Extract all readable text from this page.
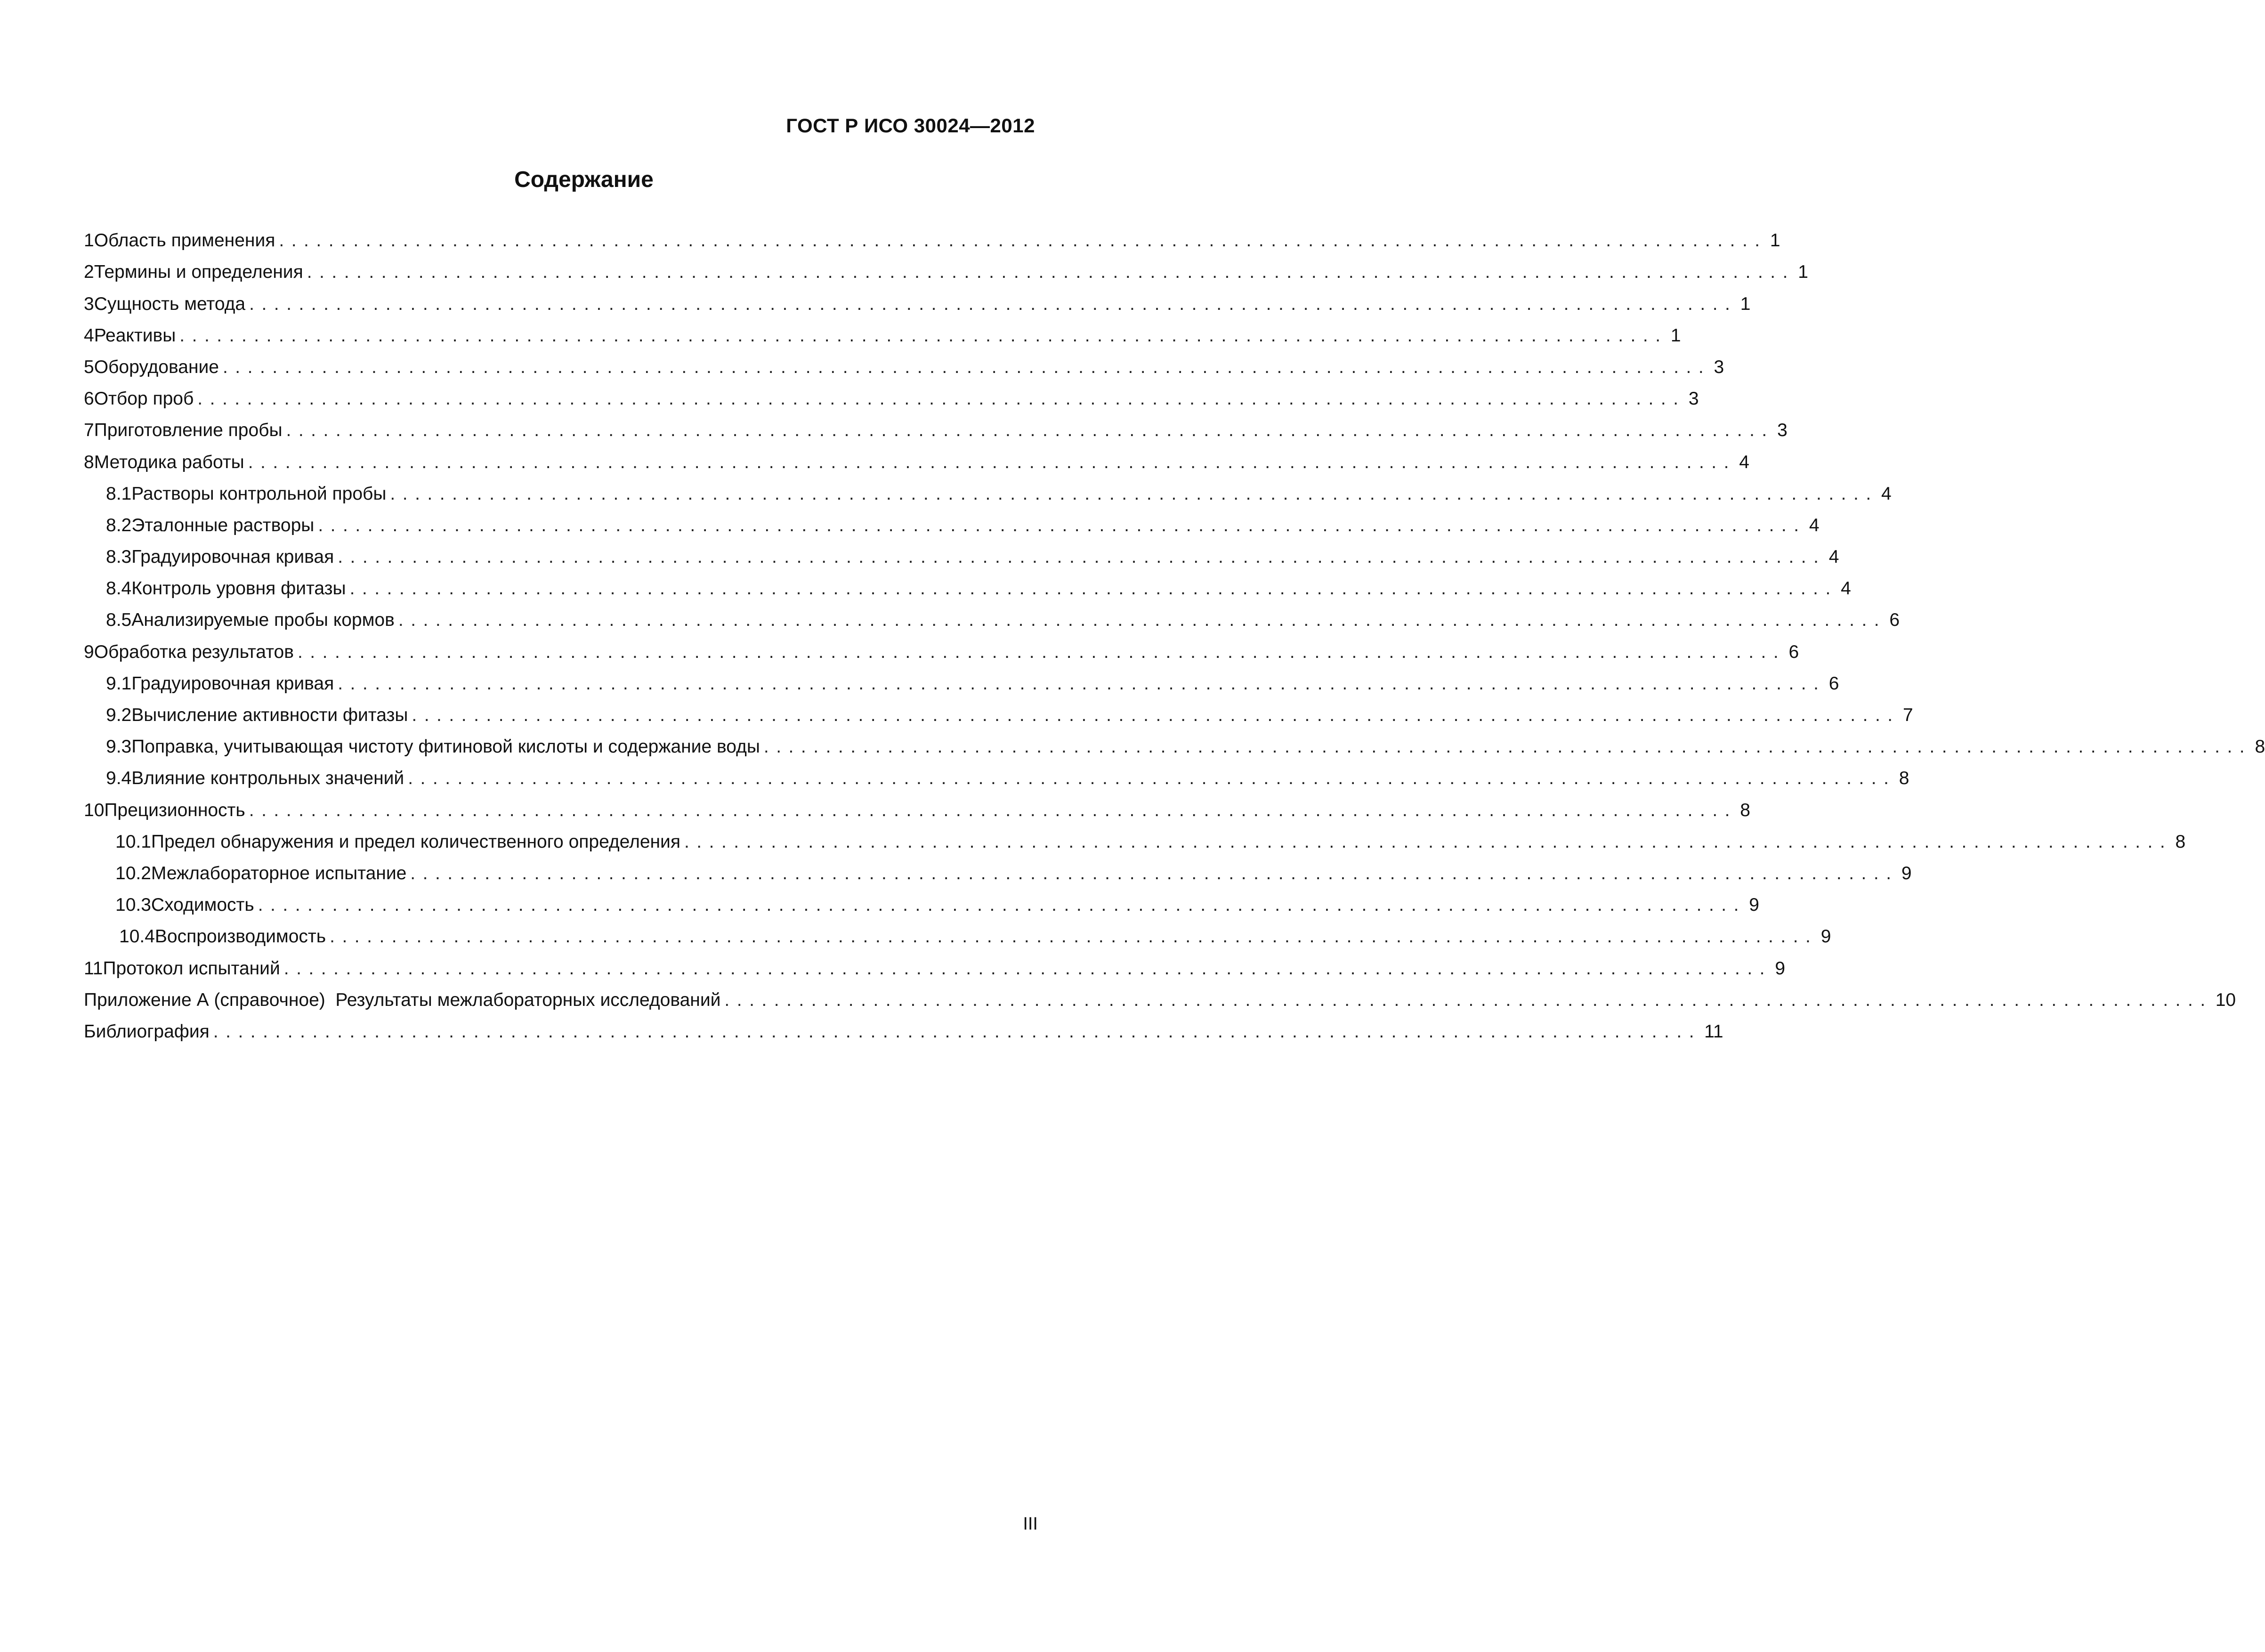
ГОСТ Р ИСО 30024—2012
Содержание
1 Область применения ........................................................................................................................ 1
2 Термины и определения ........................................................................................................................ 1
3 Сущность метода ........................................................................................................................ 1
4 Реактивы ........................................................................................................................ 1
5 Оборудование ........................................................................................................................ 3
6 Отбор проб ........................................................................................................................ 3
7 Приготовление пробы ........................................................................................................................ 3
8 Методика работы ........................................................................................................................ 4
8.1 Растворы контрольной пробы ........................................................................................................................ 4
8.2 Эталонные растворы ........................................................................................................................ 4
8.3 Градуировочная кривая ........................................................................................................................ 4
8.4 Контроль уровня фитазы ........................................................................................................................ 4
8.5 Анализируемые пробы кормов ........................................................................................................................ 6
9 Обработка результатов ........................................................................................................................ 6
9.1 Градуировочная кривая ........................................................................................................................ 6
9.2 Вычисление активности фитазы ........................................................................................................................ 7
9.3 Поправка, учитывающая чистоту фитиновой кислоты и содержание воды ........................................................................................................................ 8
9.4 Влияние контрольных значений ........................................................................................................................ 8
10 Прецизионность ........................................................................................................................ 8
10.1 Предел обнаружения и предел количественного определения ........................................................................................................................ 8
10.2 Межлабораторное испытание ........................................................................................................................ 9
10.3 Сходимость ........................................................................................................................ 9
10.4 Воспроизводимость ........................................................................................................................ 9
11 Протокол испытаний ........................................................................................................................ 9
Приложение А (справочное)  Результаты межлабораторных исследований ........................................................................................................................ 10
Библиография ........................................................................................................................ 11
III
